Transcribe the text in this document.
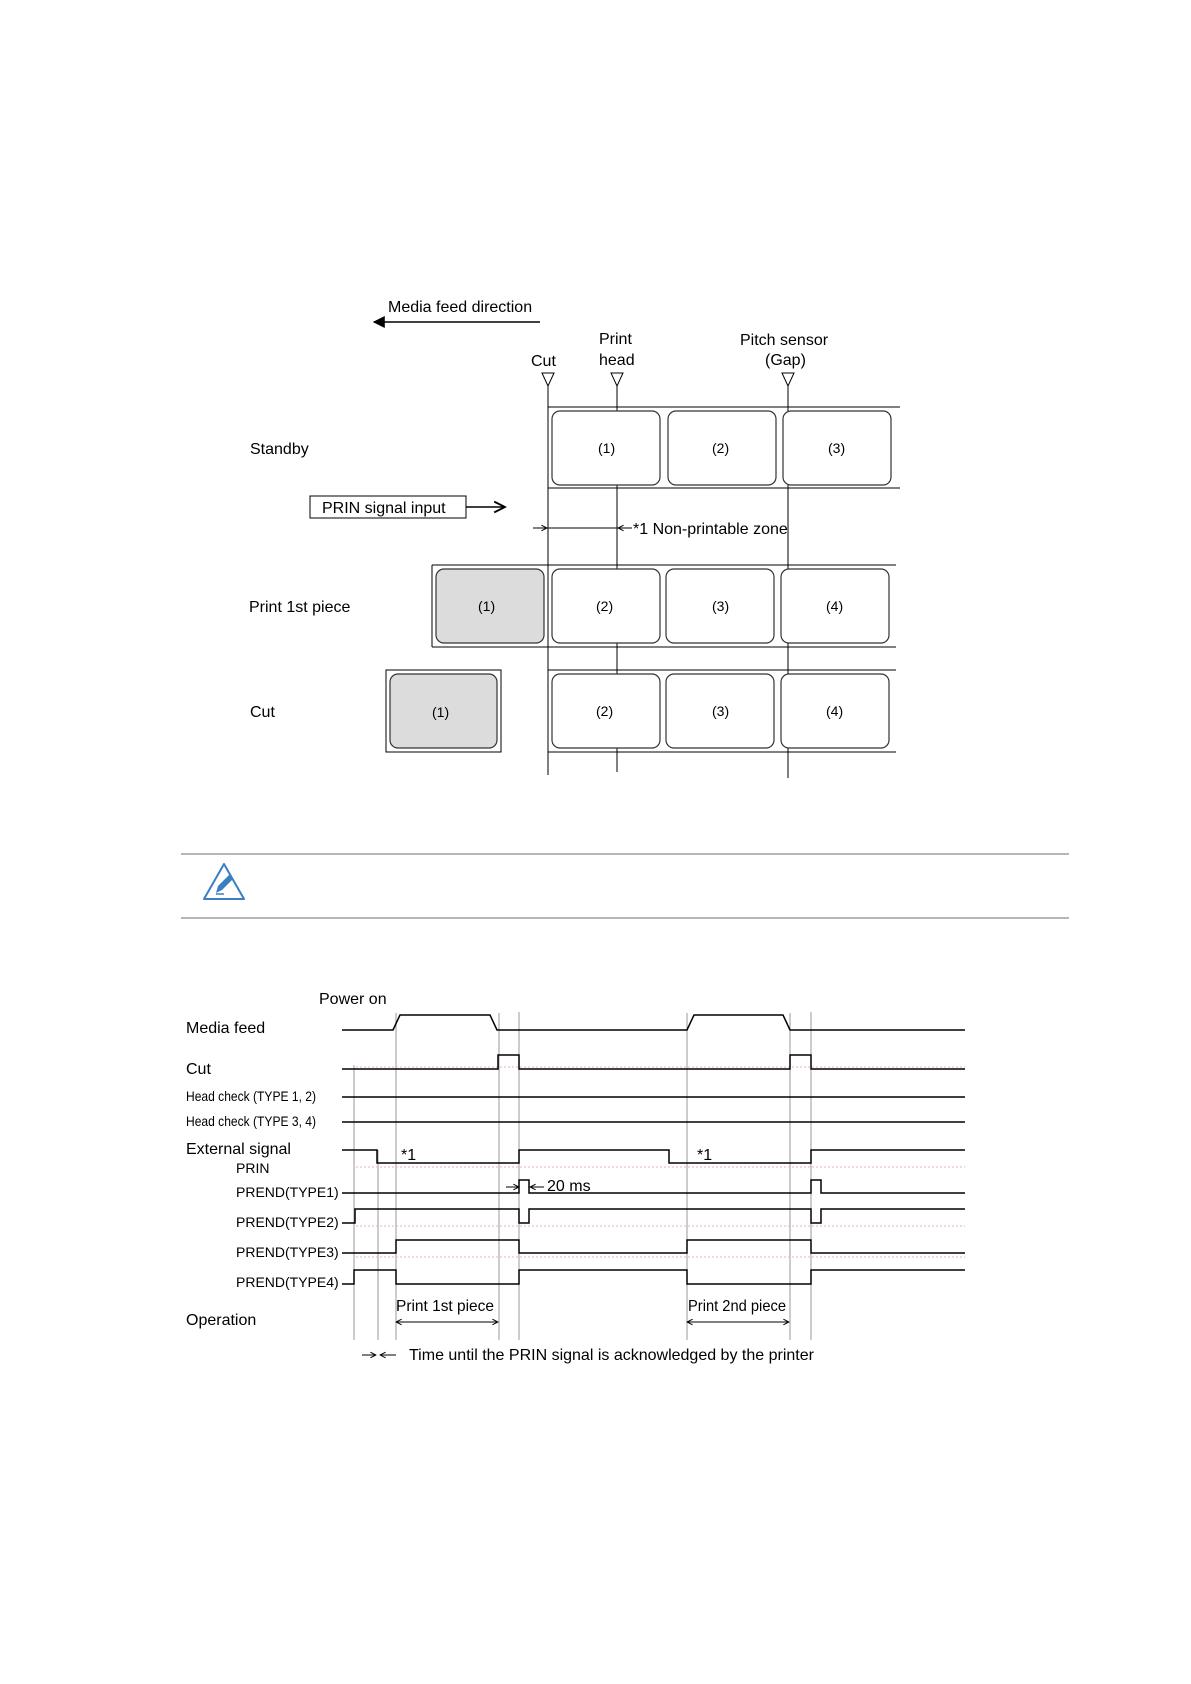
Media feed direction
Cut
Print
head
Pitch sensor
(Gap)
Standby	(1)	(2)	(3)
PRIN signal input
*1 Non-printable zone
Print 1st piece	(1)	(2)	(3)	(4)
Cut	(1)	(2)	(3)	(4)
Power on
Media feed
Cut
Head check (TYPE 1, 2)
Head check (TYPE 3, 4)
External signal
PRIN
*1	*1
PREND(TYPE1)	20 ms
PREND(TYPE2)
PREND(TYPE3)
PREND(TYPE4)
Operation
Print 1st piece	Print 2nd piece
Time until the PRIN signal is acknowledged by the printer
